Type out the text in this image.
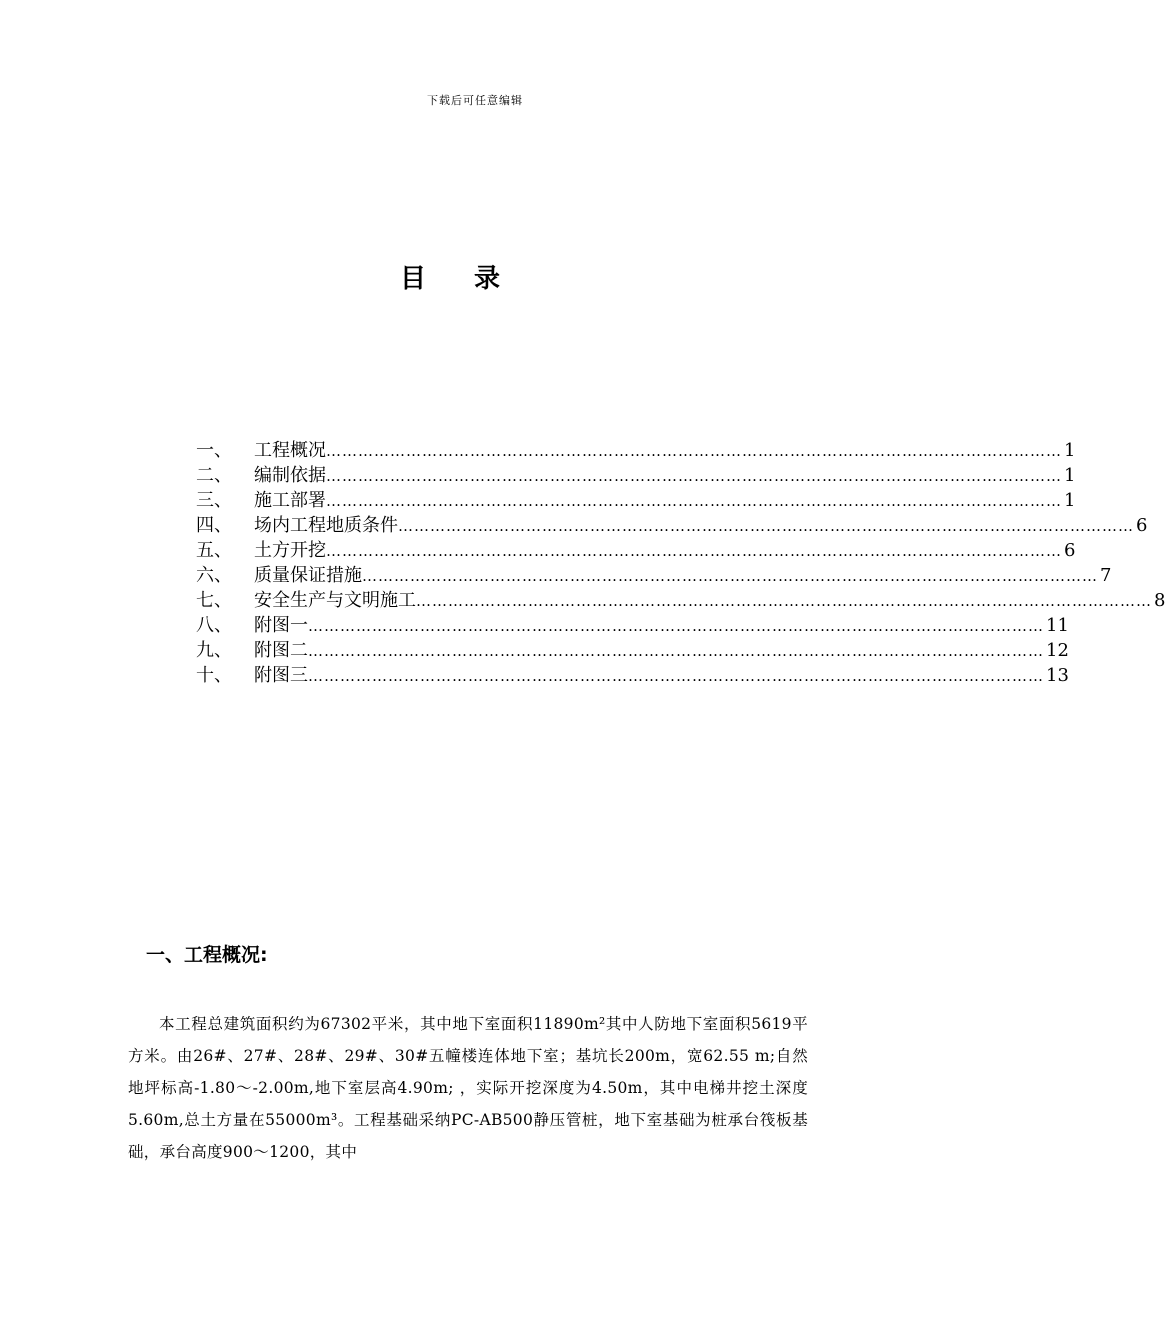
下载后可任意编辑
目 录
一、	工程概况 ………………………………………………………………………………………………………………………… 1
二、	编制依据 ………………………………………………………………………………………………………………………… 1
三、	施工部署 ………………………………………………………………………………………………………………………… 1
四、	场内工程地质条件 ………………………………………………………………………………………………………………………… 6
五、	土方开挖 ………………………………………………………………………………………………………………………… 6
六、	质量保证措施 ………………………………………………………………………………………………………………………… 7
七、	安全生产与文明施工 ………………………………………………………………………………………………………………………… 8
八、	附图一 ………………………………………………………………………………………………………………………… 11
九、	附图二 ………………………………………………………………………………………………………………………… 12
十、	附图三 ………………………………………………………………………………………………………………………… 13
一、工程概况:
本工程总建筑面积约为67302平米，其中地下室面积11890m²其中人防地下室面积5619平方米。由26#、27#、28#、29#、30#五幢楼连体地下室；基坑长200m，宽62.55 m;自然地坪标高-1.80～-2.00m,地下室层高4.90m; ，实际开挖深度为4.50m，其中电梯井挖土深度5.60m,总土方量在55000m³。工程基础采纳PC-AB500静压管桩，地下室基础为桩承台筏板基础，承台高度900～1200，其中
